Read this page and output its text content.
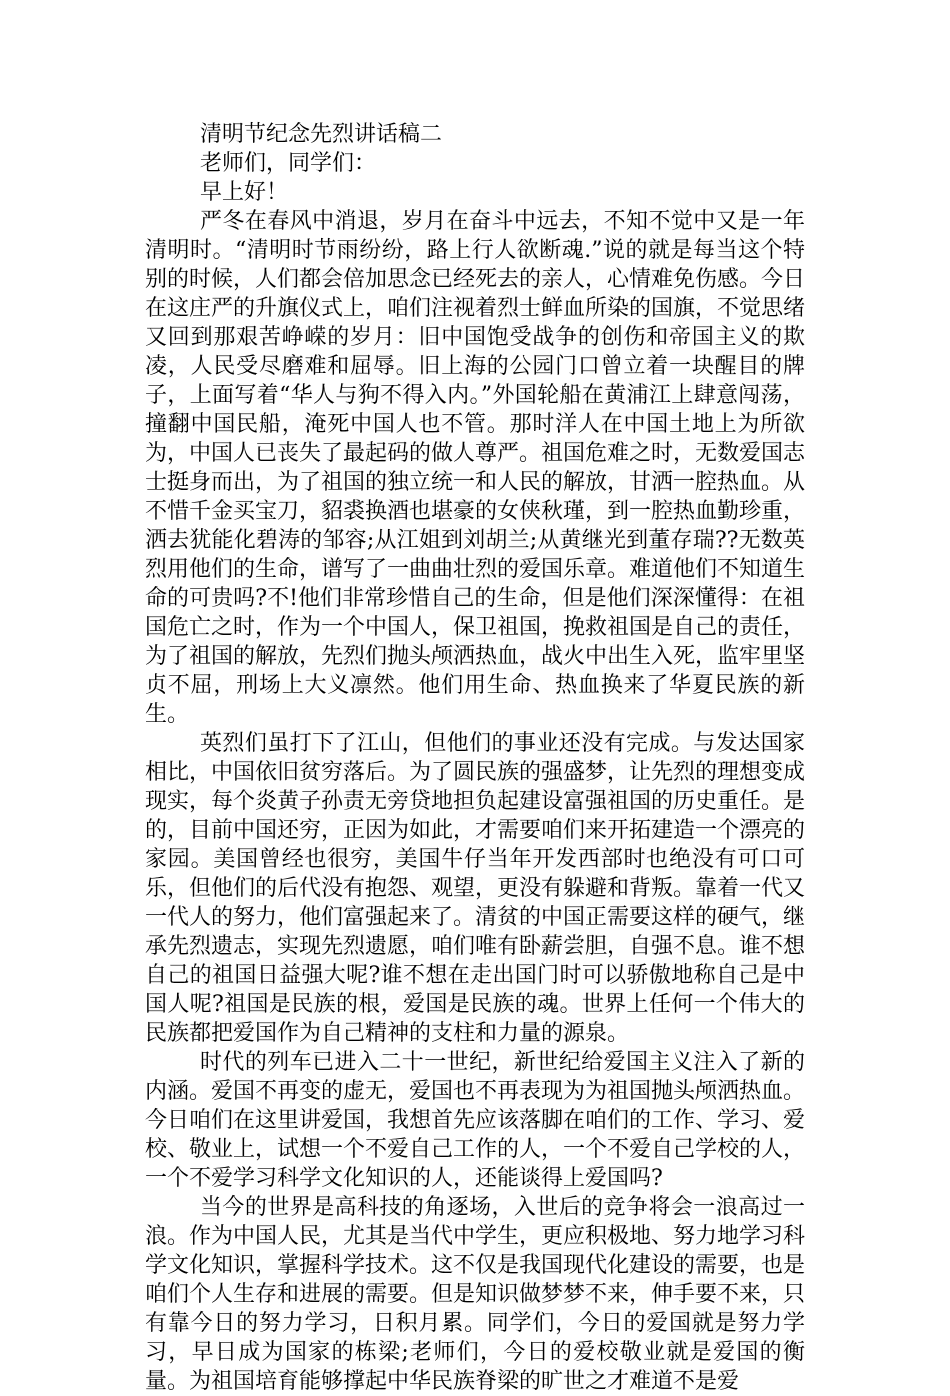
清明节纪念先烈讲话稿二

老师们，同学们：

早上好！

严冬在春风中消退，岁月在奋斗中远去，不知不觉中又是一年清明时。“清明时节雨纷纷，路上行人欲断魂.”说的就是每当这个特别的时候，人们都会倍加思念已经死去的亲人，心情难免伤感。今日在这庄严的升旗仪式上，咱们注视着烈士鲜血所染的国旗，不觉思绪又回到那艰苦峥嵘的岁月：旧中国饱受战争的创伤和帝国主义的欺凌，人民受尽磨难和屈辱。旧上海的公园门口曾立着一块醒目的牌子，上面写着“华人与狗不得入内。”外国轮船在黄浦江上肆意闯荡，撞翻中国民船，淹死中国人也不管。那时洋人在中国土地上为所欲为，中国人已丧失了最起码的做人尊严。祖国危难之时，无数爱国志士挺身而出，为了祖国的独立统一和人民的解放，甘洒一腔热血。从不惜千金买宝刀，貂裘换酒也堪豪的女侠秋瑾，到一腔热血勤珍重，洒去犹能化碧涛的邹容;从江姐到刘胡兰;从黄继光到董存瑞??无数英烈用他们的生命，谱写了一曲曲壮烈的爱国乐章。难道他们不知道生命的可贵吗?不!他们非常珍惜自己的生命，但是他们深深懂得：在祖国危亡之时，作为一个中国人，保卫祖国，挽救祖国是自己的责任，为了祖国的解放，先烈们抛头颅洒热血，战火中出生入死，监牢里坚贞不屈，刑场上大义凛然。他们用生命、热血换来了华夏民族的新生。

英烈们虽打下了江山，但他们的事业还没有完成。与发达国家相比，中国依旧贫穷落后。为了圆民族的强盛梦，让先烈的理想变成现实，每个炎黄子孙责无旁贷地担负起建设富强祖国的历史重任。是的，目前中国还穷，正因为如此，才需要咱们来开拓建造一个漂亮的家园。美国曾经也很穷，美国牛仔当年开发西部时也绝没有可口可乐，但他们的后代没有抱怨、观望，更没有躲避和背叛。靠着一代又一代人的努力，他们富强起来了。清贫的中国正需要这样的硬气，继承先烈遗志，实现先烈遗愿，咱们唯有卧薪尝胆，自强不息。谁不想自己的祖国日益强大呢?谁不想在走出国门时可以骄傲地称自己是中国人呢?祖国是民族的根，爱国是民族的魂。世界上任何一个伟大的民族都把爱国作为自己精神的支柱和力量的源泉。

时代的列车已进入二十一世纪，新世纪给爱国主义注入了新的内涵。爱国不再变的虚无，爱国也不再表现为为祖国抛头颅洒热血。今日咱们在这里讲爱国，我想首先应该落脚在咱们的工作、学习、爱校、敬业上，试想一个不爱自己工作的人，一个不爱自己学校的人，一个不爱学习科学文化知识的人，还能谈得上爱国吗?

当今的世界是高科技的角逐场，入世后的竞争将会一浪高过一浪。作为中国人民，尤其是当代中学生，更应积极地、努力地学习科学文化知识，掌握科学技术。这不仅是我国现代化建设的需要，也是咱们个人生存和进展的需要。但是知识做梦梦不来，伸手要不来，只有靠今日的努力学习，日积月累。同学们，今日的爱国就是努力学习，早日成为国家的栋梁;老师们，今日的爱校敬业就是爱国的衡量。为祖国培育能够撑起中华民族脊梁的旷世之才难道不是爱
